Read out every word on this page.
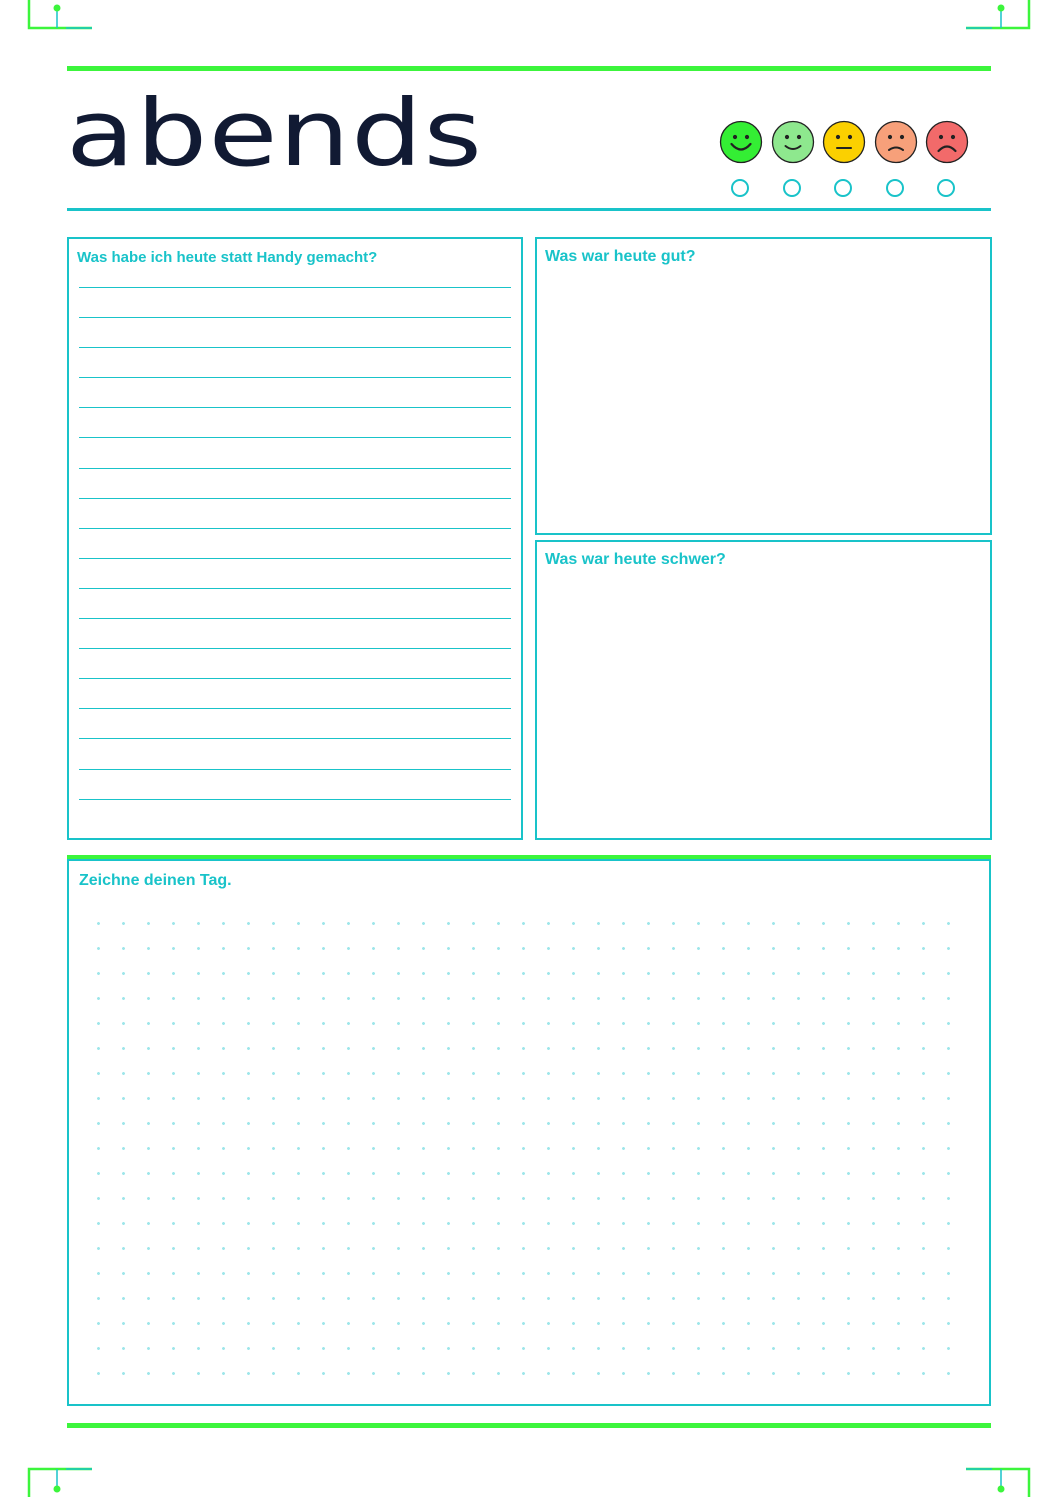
abends

Was habe ich heute statt Handy gemacht?	Was war heute gut?

Was war heute schwer?

Zeichne deinen Tag.
